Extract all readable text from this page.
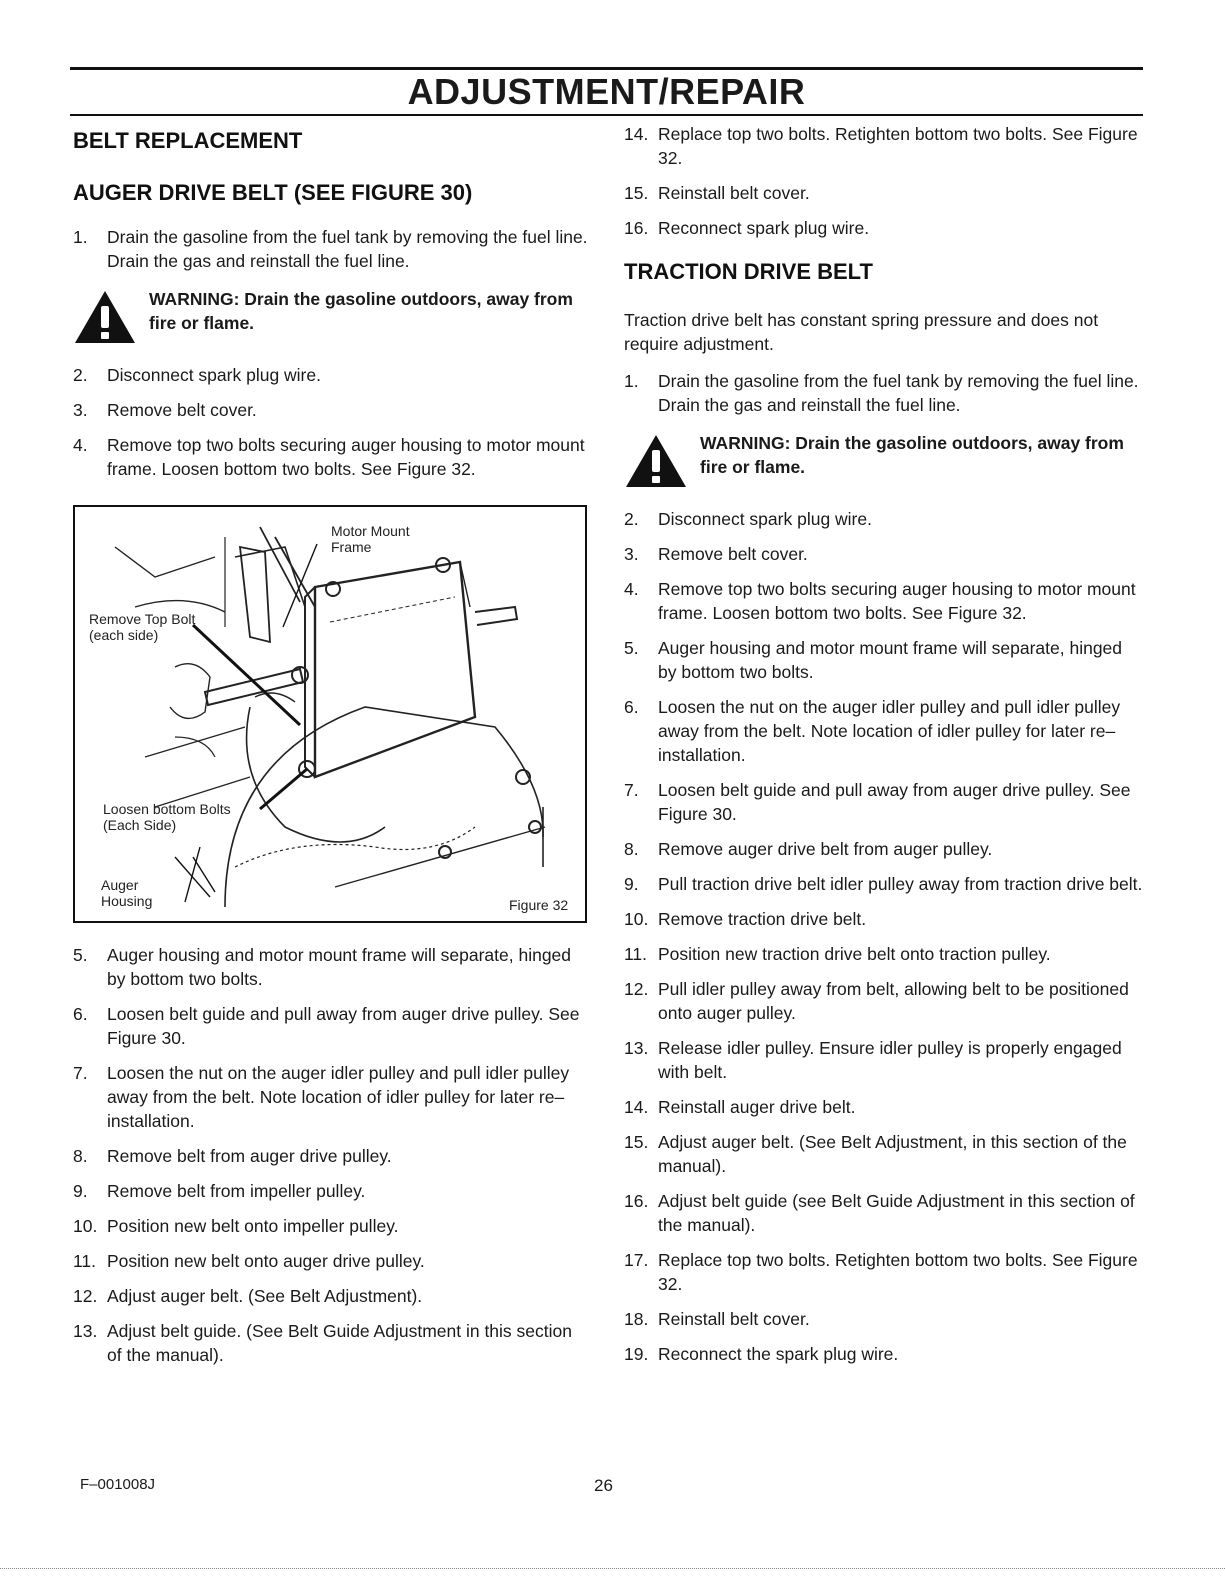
ADJUSTMENT/REPAIR
BELT REPLACEMENT
AUGER DRIVE BELT (SEE FIGURE 30)
1. Drain the gasoline from the fuel tank by removing the fuel line. Drain the gas and reinstall the fuel line.
WARNING: Drain the gasoline outdoors, away from fire or flame.
2. Disconnect spark plug wire.
3. Remove belt cover.
4. Remove top two bolts securing auger housing to motor mount frame. Loosen bottom two bolts. See Figure 32.
Motor Mount Frame
Remove Top Bolt (each side)
Loosen bottom Bolts (Each Side)
Auger Housing	Figure 32
5. Auger housing and motor mount frame will separate, hinged by bottom two bolts.
6. Loosen belt guide and pull away from auger drive pulley. See Figure 30.
7. Loosen the nut on the auger idler pulley and pull idler pulley away from the belt. Note location of idler pulley for later re–installation.
8. Remove belt from auger drive pulley.
9. Remove belt from impeller pulley.
10. Position new belt onto impeller pulley.
11. Position new belt onto auger drive pulley.
12. Adjust auger belt. (See Belt Adjustment).
13. Adjust belt guide. (See Belt Guide Adjustment in this section of the manual).
14. Replace top two bolts. Retighten bottom two bolts. See Figure 32.
15. Reinstall belt cover.
16. Reconnect spark plug wire.
TRACTION DRIVE BELT

Traction drive belt has constant spring pressure and does not require adjustment.

1. Drain the gasoline from the fuel tank by removing the fuel line. Drain the gas and reinstall the fuel line.
WARNING: Drain the gasoline outdoors, away from fire or flame.
2. Disconnect spark plug wire.
3. Remove belt cover.
4. Remove top two bolts securing auger housing to motor mount frame. Loosen bottom two bolts. See Figure 32.
5. Auger housing and motor mount frame will separate, hinged by bottom two bolts.
6. Loosen the nut on the auger idler pulley and pull idler pulley away from the belt. Note location of idler pulley for later re–installation.
7. Loosen belt guide and pull away from auger drive pulley. See Figure 30.
8. Remove auger drive belt from auger pulley.
9. Pull traction drive belt idler pulley away from traction drive belt.
10. Remove traction drive belt.
11. Position new traction drive belt onto traction pulley.
12. Pull idler pulley away from belt, allowing belt to be positioned onto auger pulley.
13. Release idler pulley. Ensure idler pulley is properly engaged with belt.
14. Reinstall auger drive belt.
15. Adjust auger belt. (See Belt Adjustment, in this section of the manual).
16. Adjust belt guide (see Belt Guide Adjustment in this section of the manual).
17. Replace top two bolts. Retighten bottom two bolts. See Figure 32.
18. Reinstall belt cover.
19. Reconnect the spark plug wire.
F–001008J	26
